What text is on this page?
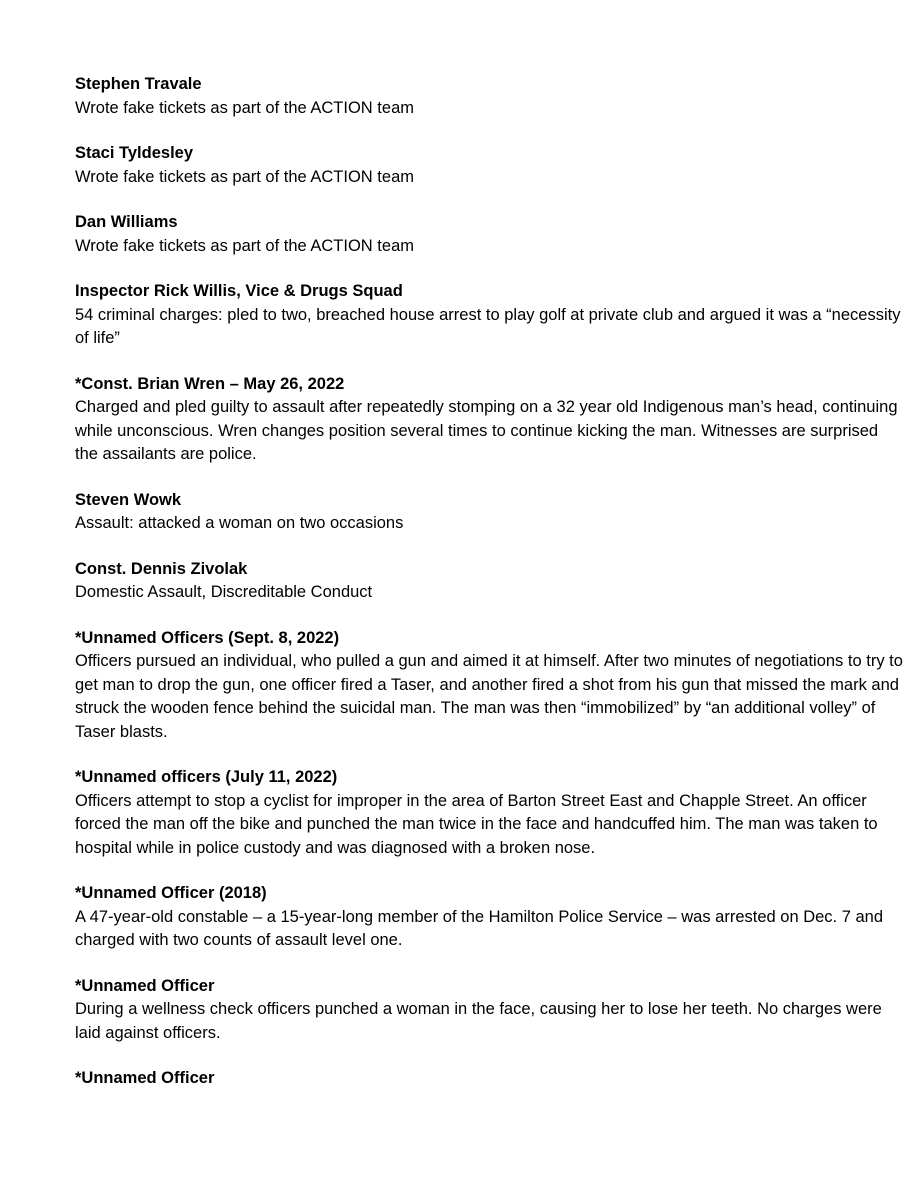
Stephen Travale

Wrote fake tickets as part of the ACTION team

Staci Tyldesley

Wrote fake tickets as part of the ACTION team

Dan Williams

Wrote fake tickets as part of the ACTION team

Inspector Rick Willis, Vice & Drugs Squad

54 criminal charges: pled to two, breached house arrest to play golf at private club and argued it was a “necessity of life”

*Const. Brian Wren – May 26, 2022

Charged and pled guilty to assault after repeatedly stomping on a 32 year old Indigenous man’s head, continuing while unconscious. Wren changes position several times to continue kicking the man. Witnesses are surprised the assailants are police.

Steven Wowk

Assault: attacked a woman on two occasions

Const. Dennis Zivolak

Domestic Assault, Discreditable Conduct

*Unnamed Officers (Sept. 8, 2022)

Officers pursued an individual, who pulled a gun and aimed it at himself. After two minutes of negotiations to try to get man to drop the gun, one officer fired a Taser, and another fired a shot from his gun that missed the mark and struck the wooden fence behind the suicidal man. The man was then “immobilized” by “an additional volley” of Taser blasts.

*Unnamed officers (July 11, 2022)

Officers attempt to stop a cyclist for improper in the area of Barton Street East and Chapple Street. An officer forced the man off the bike and punched the man twice in the face and handcuffed him. The man was taken to hospital while in police custody and was diagnosed with a broken nose.

*Unnamed Officer (2018)

A 47-year-old constable – a 15-year-long member of the Hamilton Police Service – was arrested on Dec. 7 and charged with two counts of assault level one.

*Unnamed Officer

During a wellness check officers punched a woman in the face, causing her to lose her teeth. No charges were laid against officers.

*Unnamed Officer
